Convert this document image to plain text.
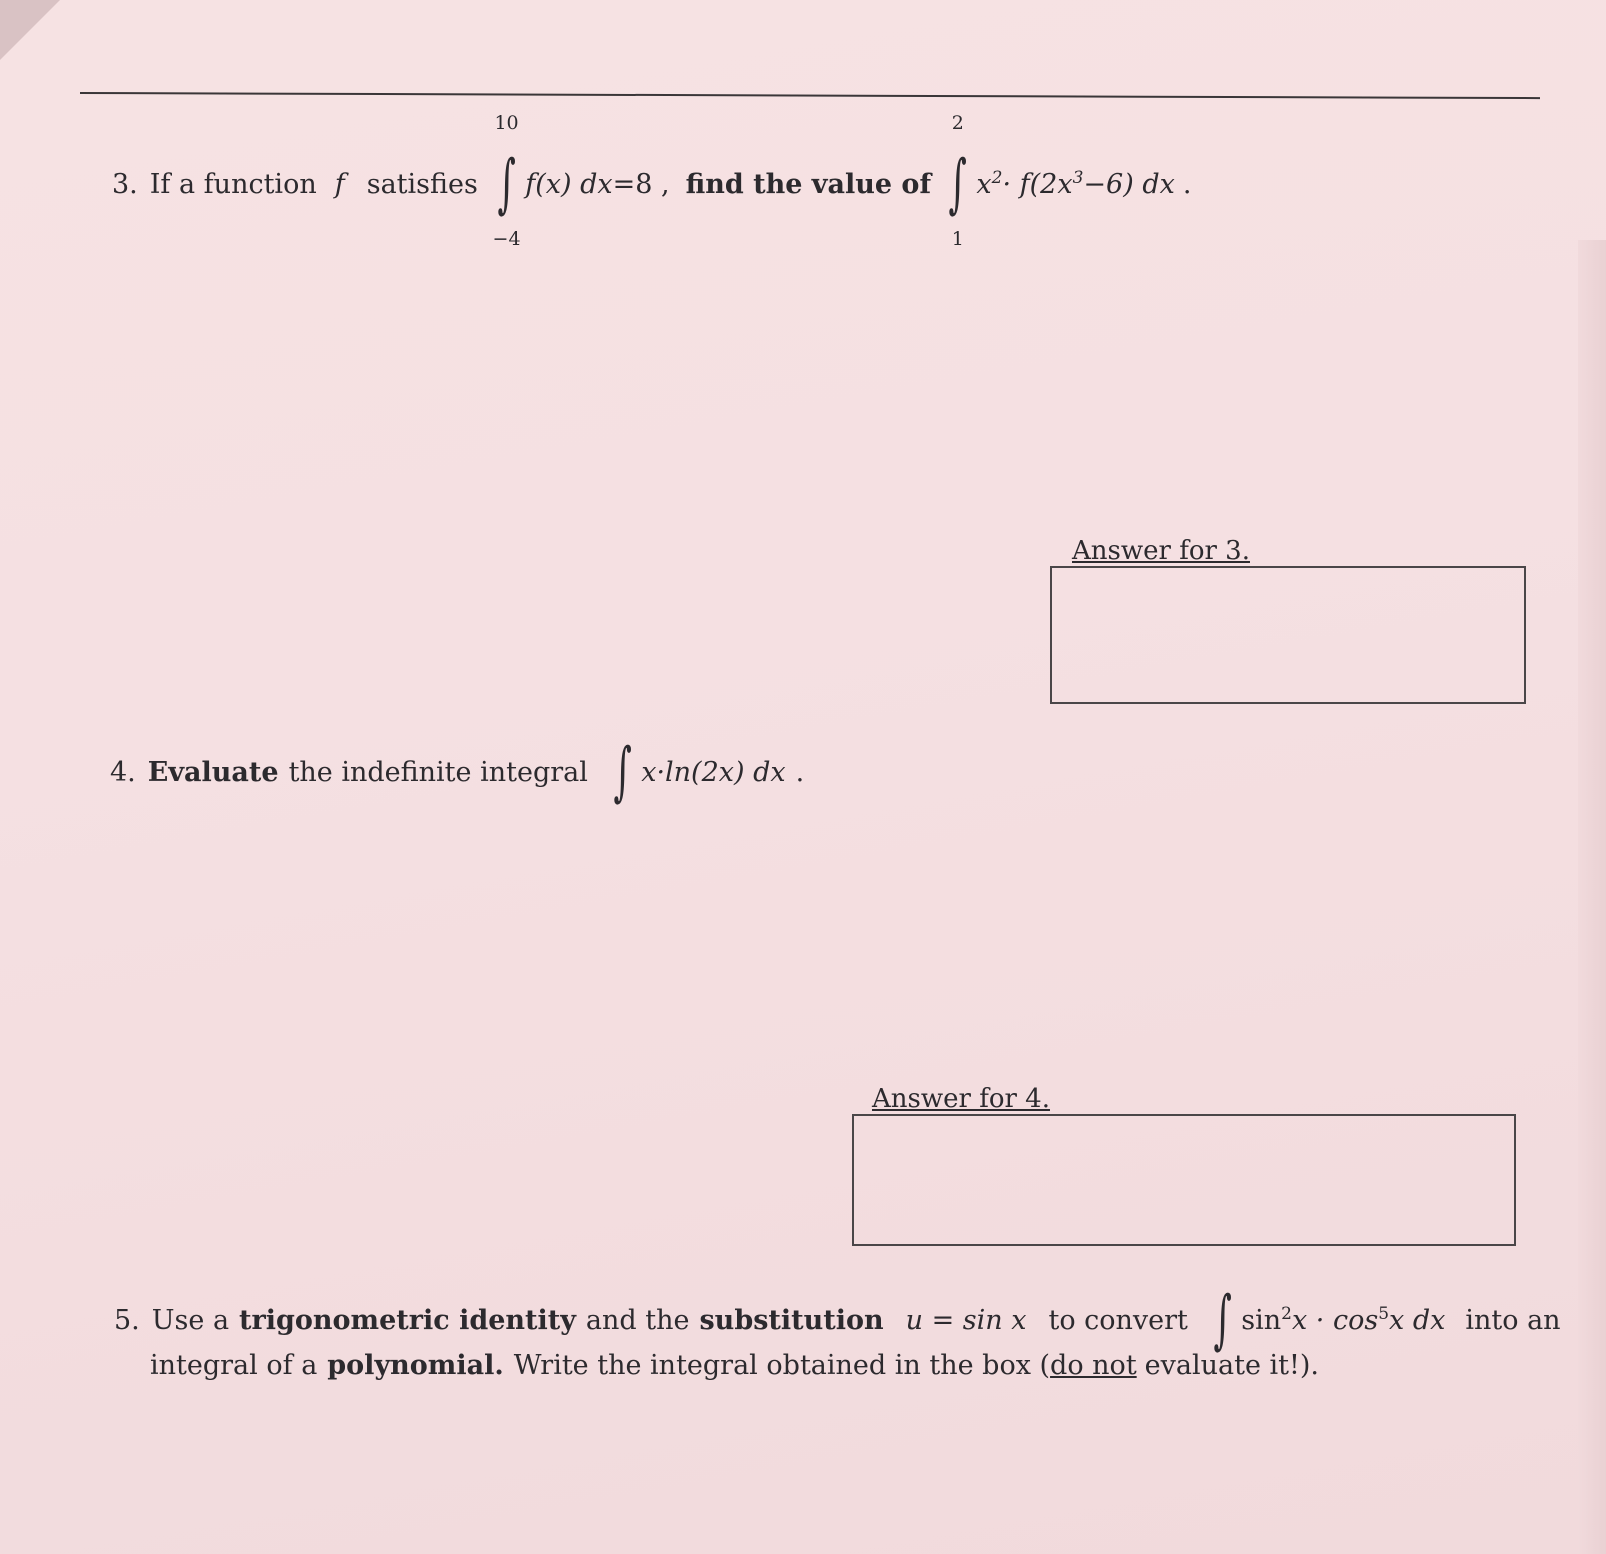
3. If a function f satisfies
10
∫
−4
f(x) dx =8 , find the value of
2
∫
1
$x^2\cdot f(2x^3-6)$ dx .
Answer for 3.
4. Evaluate the indefinite integral ∫ x·ln(2x) dx .
Answer for 4.
5. Use a trigonometric identity and the substitution u = sin x to convert ∫ $\sin^2x \cdot \cos^5x$ dx into an
integral of a polynomial. Write the integral obtained in the box ( do not evaluate it!).
